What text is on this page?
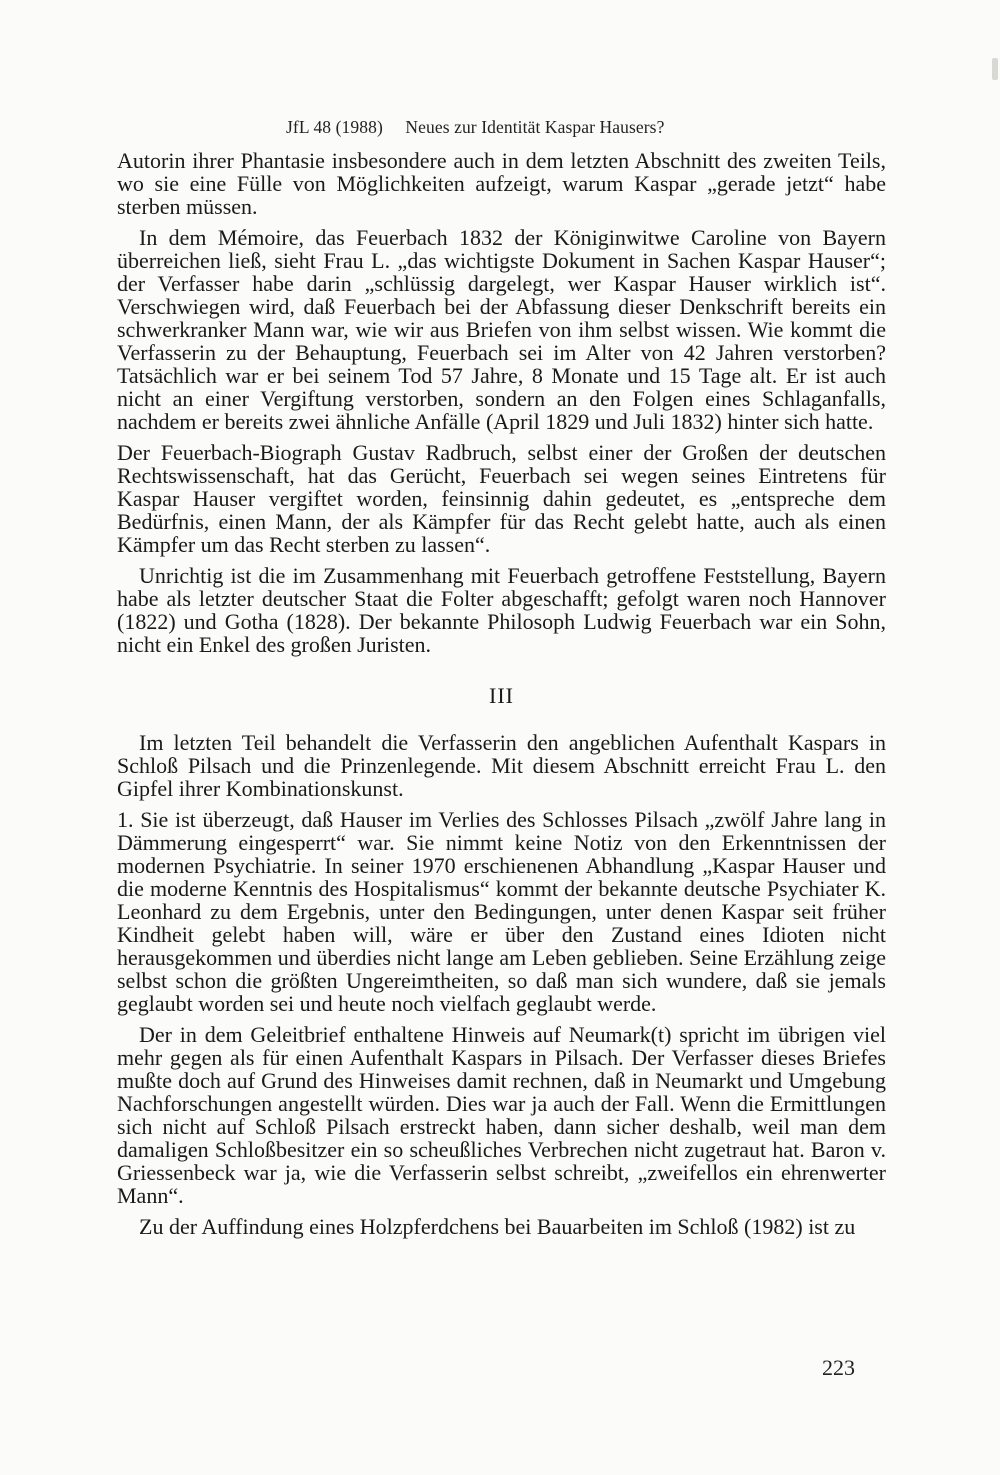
JfL 48 (1988) Neues zur Identität Kaspar Hausers?

Autorin ihrer Phantasie insbesondere auch in dem letzten Abschnitt des zweiten Teils, wo sie eine Fülle von Möglichkeiten aufzeigt, warum Kaspar „gerade jetzt“ habe sterben müssen.

In dem Mémoire, das Feuerbach 1832 der Königinwitwe Caroline von Bayern überreichen ließ, sieht Frau L. „das wichtigste Dokument in Sachen Kaspar Hauser“; der Verfasser habe darin „schlüssig dargelegt, wer Kaspar Hauser wirklich ist“. Verschwiegen wird, daß Feuerbach bei der Abfassung dieser Denkschrift bereits ein schwerkranker Mann war, wie wir aus Briefen von ihm selbst wissen. Wie kommt die Verfasserin zu der Behauptung, Feuerbach sei im Alter von 42 Jahren verstorben? Tatsächlich war er bei seinem Tod 57 Jahre, 8 Monate und 15 Tage alt. Er ist auch nicht an einer Vergiftung verstorben, sondern an den Folgen eines Schlaganfalls, nachdem er bereits zwei ähnliche Anfälle (April 1829 und Juli 1832) hinter sich hatte.

Der Feuerbach-Biograph Gustav Radbruch, selbst einer der Großen der deutschen Rechtswissenschaft, hat das Gerücht, Feuerbach sei wegen seines Eintretens für Kaspar Hauser vergiftet worden, feinsinnig dahin gedeutet, es „entspreche dem Bedürfnis, einen Mann, der als Kämpfer für das Recht gelebt hatte, auch als einen Kämpfer um das Recht sterben zu lassen“.

Unrichtig ist die im Zusammenhang mit Feuerbach getroffene Feststellung, Bayern habe als letzter deutscher Staat die Folter abgeschafft; gefolgt waren noch Hannover (1822) und Gotha (1828). Der bekannte Philosoph Ludwig Feuerbach war ein Sohn, nicht ein Enkel des großen Juristen.

III

Im letzten Teil behandelt die Verfasserin den angeblichen Aufenthalt Kaspars in Schloß Pilsach und die Prinzenlegende. Mit diesem Abschnitt erreicht Frau L. den Gipfel ihrer Kombinationskunst.

1. Sie ist überzeugt, daß Hauser im Verlies des Schlosses Pilsach „zwölf Jahre lang in Dämmerung eingesperrt“ war. Sie nimmt keine Notiz von den Erkenntnissen der modernen Psychiatrie. In seiner 1970 erschienenen Abhandlung „Kaspar Hauser und die moderne Kenntnis des Hospitalismus“ kommt der bekannte deutsche Psychiater K. Leonhard zu dem Ergebnis, unter den Bedingungen, unter denen Kaspar seit früher Kindheit gelebt haben will, wäre er über den Zustand eines Idioten nicht herausgekommen und überdies nicht lange am Leben geblieben. Seine Erzählung zeige selbst schon die größten Ungereimtheiten, so daß man sich wundere, daß sie jemals geglaubt worden sei und heute noch vielfach geglaubt werde.

Der in dem Geleitbrief enthaltene Hinweis auf Neumark(t) spricht im übrigen viel mehr gegen als für einen Aufenthalt Kaspars in Pilsach. Der Verfasser dieses Briefes mußte doch auf Grund des Hinweises damit rechnen, daß in Neumarkt und Umgebung Nachforschungen angestellt würden. Dies war ja auch der Fall. Wenn die Ermittlungen sich nicht auf Schloß Pilsach erstreckt haben, dann sicher deshalb, weil man dem damaligen Schloßbesitzer ein so scheußliches Verbrechen nicht zugetraut hat. Baron v. Griessenbeck war ja, wie die Verfasserin selbst schreibt, „zweifellos ein ehrenwerter Mann“.

Zu der Auffindung eines Holzpferdchens bei Bauarbeiten im Schloß (1982) ist zu

223
